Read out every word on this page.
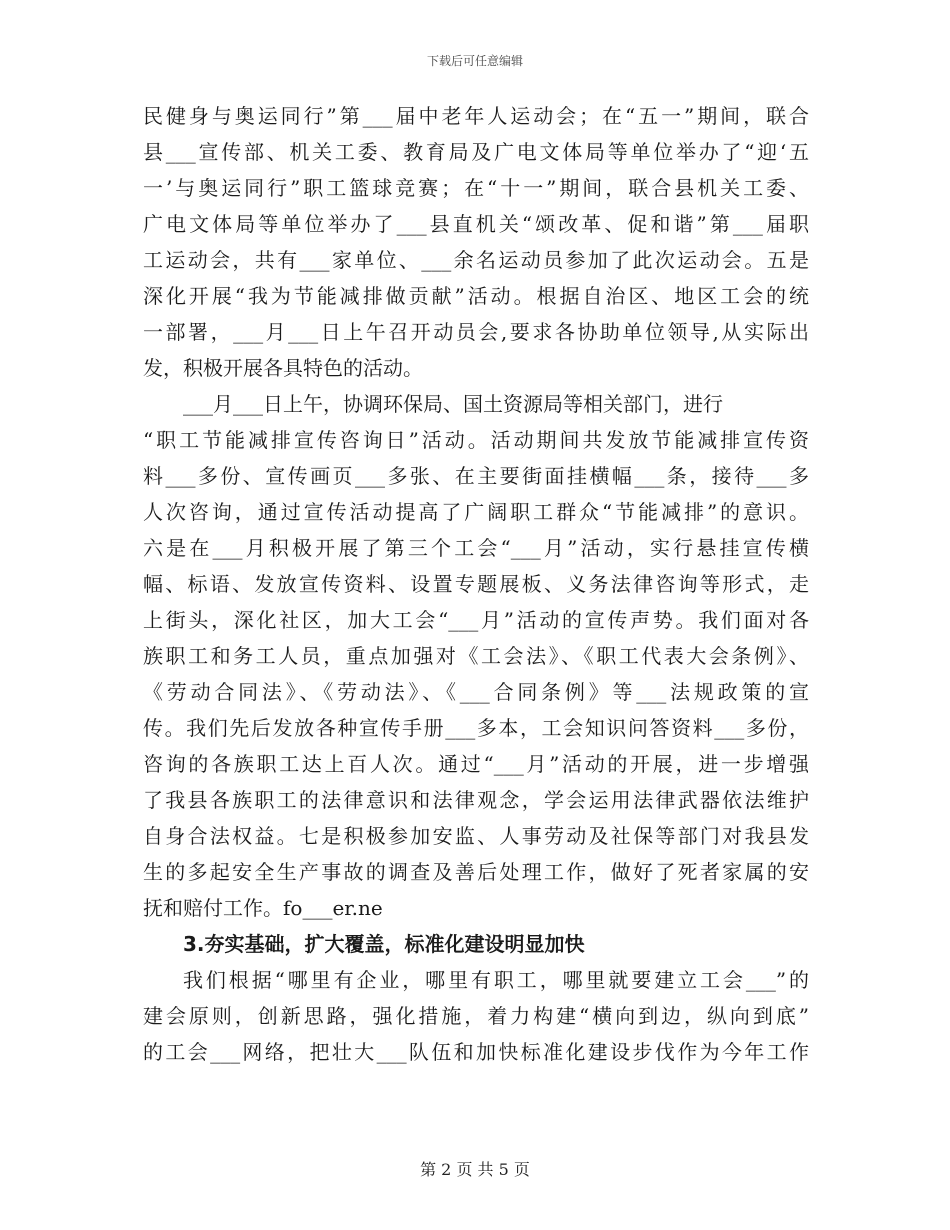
下载后可任意编辑
民健身与奥运同行”第___届中老年人运动会；在“五一”期间，联合
县___宣传部、机关工委、教育局及广电文体局等单位举办了“迎‘五
一’与奥运同行”职工篮球竞赛；在“十一”期间，联合县机关工委、
广电文体局等单位举办了___县直机关“颂改革、促和谐”第___届职
工运动会，共有___家单位、___余名运动员参加了此次运动会。五是
深化开展“我为节能减排做贡献”活动。根据自治区、地区工会的统
一部署，___月___日上午召开动员会,要求各协助单位领导,从实际出
发，积极开展各具特色的活动。
___月___日上午，协调环保局、国土资源局等相关部门，进行
“职工节能减排宣传咨询日”活动。活动期间共发放节能减排宣传资
料___多份、宣传画页___多张、在主要街面挂横幅___条，接待___多
人次咨询，通过宣传活动提高了广阔职工群众“节能减排”的意识。
六是在___月积极开展了第三个工会“___月”活动，实行悬挂宣传横
幅、标语、发放宣传资料、设置专题展板、义务法律咨询等形式，走
上街头，深化社区，加大工会“___月”活动的宣传声势。我们面对各
族职工和务工人员，重点加强对《工会法》、《职工代表大会条例》、
《劳动合同法》、《劳动法》、《___合同条例》等___法规政策的宣
传。我们先后发放各种宣传手册___多本，工会知识问答资料___多份，
咨询的各族职工达上百人次。通过“___月”活动的开展，进一步增强
了我县各族职工的法律意识和法律观念，学会运用法律武器依法维护
自身合法权益。七是积极参加安监、人事劳动及社保等部门对我县发
生的多起安全生产事故的调查及善后处理工作，做好了死者家属的安
抚和赔付工作。fo___er.ne
3.夯实基础，扩大覆盖，标准化建设明显加快
我们根据“哪里有企业，哪里有职工，哪里就要建立工会___”的
建会原则，创新思路，强化措施，着力构建“横向到边，纵向到底”
的工会___网络，把壮大___队伍和加快标准化建设步伐作为今年工作
第 2 页 共 5 页
